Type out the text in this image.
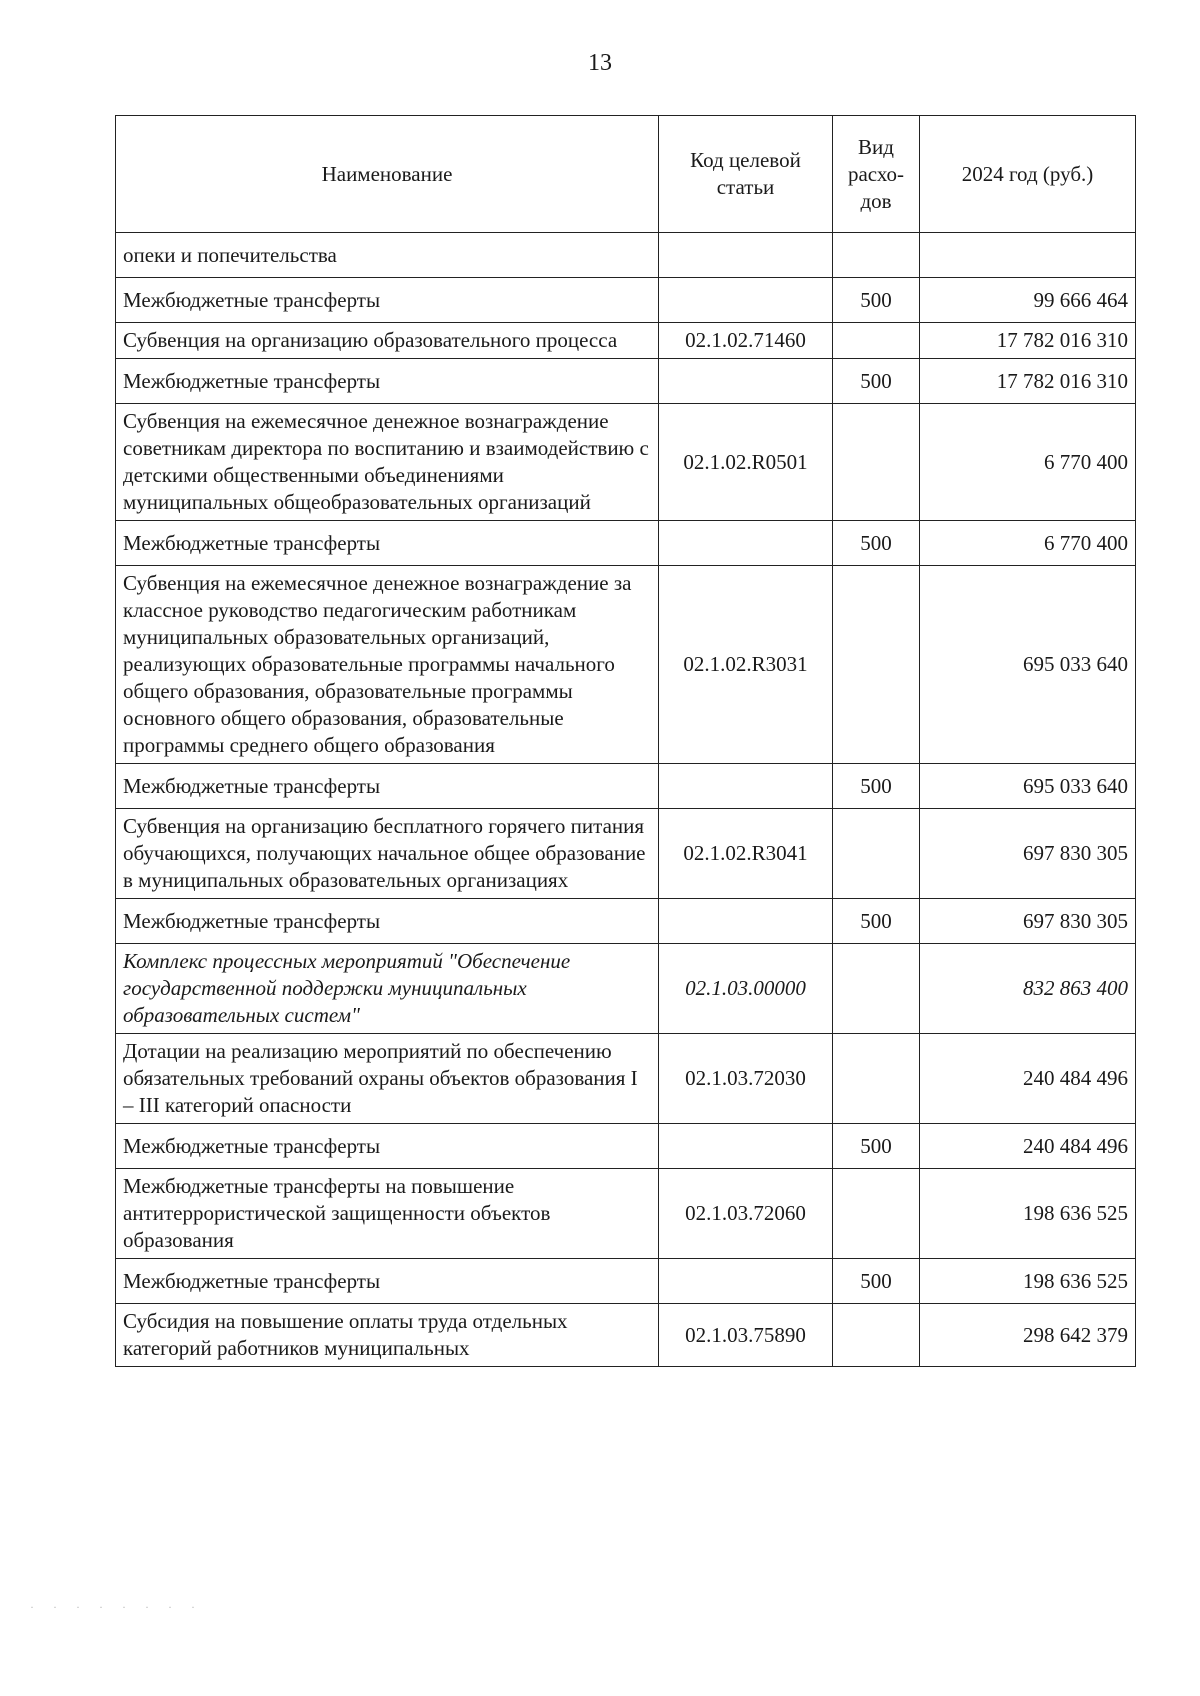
13
Наименование	Код целевой статьи	Вид расхо-дов	2024 год (руб.)
опеки и попечительства			
Межбюджетные трансферты		500	99 666 464
Субвенция на организацию образовательного процесса	02.1.02.71460		17 782 016 310
Межбюджетные трансферты		500	17 782 016 310
Субвенция на ежемесячное денежное вознаграждение советникам директора по воспитанию и взаимодействию с детскими общественными объединениями муниципальных общеобразовательных организаций	02.1.02.R0501		6 770 400
Межбюджетные трансферты		500	6 770 400
Субвенция на ежемесячное денежное вознаграждение за классное руководство педагогическим работникам муниципальных образовательных организаций, реализующих образовательные программы начального общего образования, образовательные программы основного общего образования, образовательные программы среднего общего образования	02.1.02.R3031		695 033 640
Межбюджетные трансферты		500	695 033 640
Субвенция на организацию бесплатного горячего питания обучающихся, получающих начальное общее образование в муниципальных образовательных организациях	02.1.02.R3041		697 830 305
Межбюджетные трансферты		500	697 830 305
Комплекс процессных мероприятий "Обеспечение государственной поддержки муниципальных образовательных систем"	02.1.03.00000		832 863 400
Дотации на реализацию мероприятий по обеспечению обязательных требований охраны объектов образования I – III категорий опасности	02.1.03.72030		240 484 496
Межбюджетные трансферты		500	240 484 496
Межбюджетные трансферты на повышение антитеррористической защищенности объектов образования	02.1.03.72060		198 636 525
Межбюджетные трансферты		500	198 636 525
Субсидия на повышение оплаты труда отдельных категорий работников муниципальных	02.1.03.75890		298 642 379
· · · · · · · ·
